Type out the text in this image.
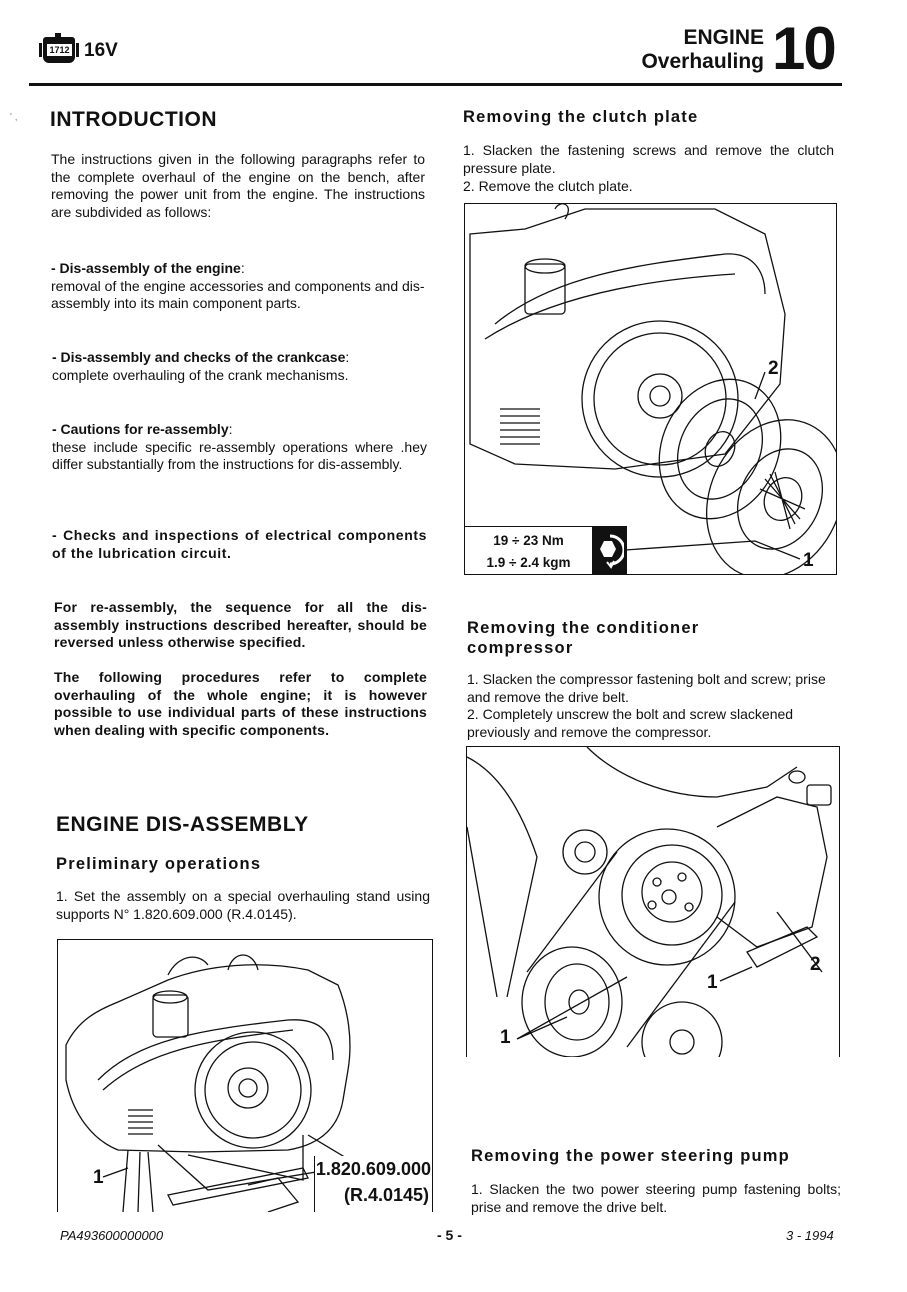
1712 16V
ENGINE
Overhauling 10
' , INTRODUCTION
The instructions given in the following paragraphs refer to the complete overhaul of the engine on the bench, after removing the power unit from the engine. The instructions are subdivided as follows:
- Dis-assembly of the engine:
removal of the engine accessories and components and dis- assembly into its main component parts.
- Dis-assembly and checks of the crankcase:
complete overhauling of the crank mechanisms.
- Cautions for re-assembly:
these include specific re-assembly operations where .hey differ substantially from the instructions for dis-assembly.
- Checks and inspections of electrical components of the lubrication circuit.
For re-assembly, the sequence for all the dis-assembly instructions described hereafter, should be reversed unless otherwise specified.
The following procedures refer to complete overhauling of the whole engine; it is however possible to use individual parts of these instructions when dealing with specific components.
ENGINE DIS-ASSEMBLY
Preliminary operations
1. Set the assembly on a special overhauling stand using supports N° 1.820.609.000 (R.4.0145).
1	1.820.609.000
(R.4.0145)
Removing the clutch plate
1. Slacken the fastening screws and remove the clutch pressure plate.
2. Remove the clutch plate.
2
1
19 ÷ 23 Nm
1.9 ÷ 2.4 kgm
Removing the conditioner
compressor
1. Slacken the compressor fastening bolt and screw; prise and remove the drive belt.
2. Completely unscrew the bolt and screw slackened previously and remove the compressor.
1
1
2
Removing the power steering pump
1. Slacken the two power steering pump fastening bolts; prise and remove the drive belt.
PA493600000000	- 5 -	3 - 1994
